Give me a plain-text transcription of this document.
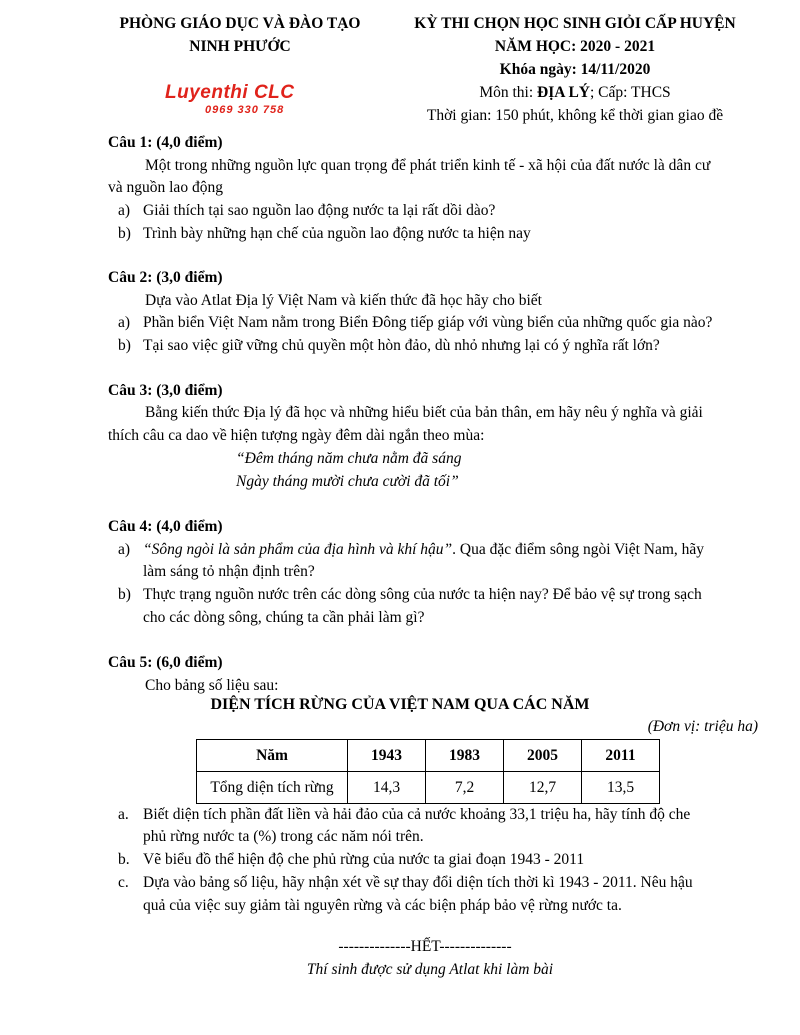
PHÒNG GIÁO DỤC VÀ ĐÀO TẠO
NINH PHƯỚC
Luyenthi CLC
0969 330 758
KỲ THI CHỌN HỌC SINH GIỎI CẤP HUYỆN
NĂM HỌC: 2020 - 2021
Khóa ngày: 14/11/2020
Môn thi: ĐỊA LÝ; Cấp: THCS
Thời gian: 150 phút, không kể thời gian giao đề
Câu 1: (4,0 điểm)
Một trong những nguồn lực quan trọng để phát triển kinh tế - xã hội của đất nước là dân cư
và nguồn lao động
a) Giải thích tại sao nguồn lao động nước ta lại rất dồi dào?
b) Trình bày những hạn chế của nguồn lao động nước ta hiện nay
Câu 2: (3,0 điểm)
Dựa vào Atlat Địa lý Việt Nam và kiến thức đã học hãy cho biết
a) Phần biển Việt Nam nằm trong Biển Đông tiếp giáp với vùng biển của những quốc gia nào?
b) Tại sao việc giữ vững chủ quyền một hòn đảo, dù nhỏ nhưng lại có ý nghĩa rất lớn?
Câu 3: (3,0 điểm)
Bằng kiến thức Địa lý đã học và những hiểu biết của bản thân, em hãy nêu ý nghĩa và giải
thích câu ca dao về hiện tượng ngày đêm dài ngắn theo mùa:
“Đêm tháng năm chưa nằm đã sáng
Ngày tháng mười chưa cười đã tối”
Câu 4: (4,0 điểm)
a) “Sông ngòi là sản phẩm của địa hình và khí hậu”. Qua đặc điểm sông ngòi Việt Nam, hãy
làm sáng tỏ nhận định trên?
b) Thực trạng nguồn nước trên các dòng sông của nước ta hiện nay? Để bảo vệ sự trong sạch
cho các dòng sông, chúng ta cần phải làm gì?
Câu 5: (6,0 điểm)
Cho bảng số liệu sau:
DIỆN TÍCH RỪNG CỦA VIỆT NAM QUA CÁC NĂM
(Đơn vị: triệu ha)
Năm	1943	1983	2005	2011
Tổng diện tích rừng	14,3	7,2	12,7	13,5
a. Biết diện tích phần đất liền và hải đảo của cả nước khoảng 33,1 triệu ha, hãy tính độ che
phủ rừng nước ta (%) trong các năm nói trên.
b. Vẽ biểu đồ thể hiện độ che phủ rừng của nước ta giai đoạn 1943 - 2011
c. Dựa vào bảng số liệu, hãy nhận xét về sự thay đổi diện tích thời kì 1943 - 2011. Nêu hậu
quả của việc suy giảm tài nguyên rừng và các biện pháp bảo vệ rừng nước ta.
--------------HẾT--------------
Thí sinh được sử dụng Atlat khi làm bài
